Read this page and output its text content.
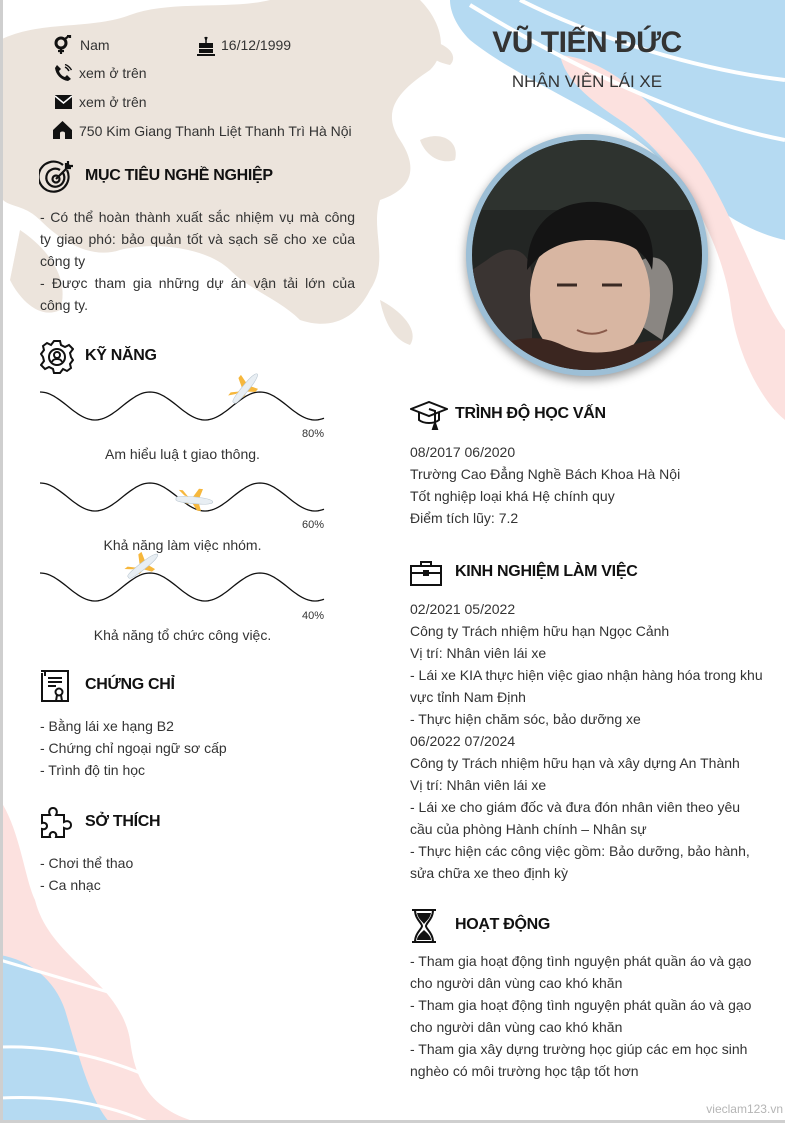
Nam	16/12/1999
xem ở trên
xem ở trên
750 Kim Giang Thanh Liệt Thanh Trì Hà Nội
MỤC TIÊU NGHỀ NGHIỆP
- Có thể hoàn thành xuất sắc nhiệm vụ mà công
ty giao phó: bảo quản tốt và sạch sẽ cho xe của
công ty
- Được tham gia những dự án vận tải lớn của
công ty.
KỸ NĂNG
80%
Am hiểu luậ t giao thông.
60%
Khả năng làm việc nhóm.
40%
Khả năng tổ chức công việc.
CHỨNG CHỈ
- Bằng lái xe hạng B2
- Chứng chỉ ngoại ngữ sơ cấp
- Trình độ tin học
SỞ THÍCH
- Chơi thể thao
- Ca nhạc
VŨ TIẾN ĐỨC
NHÂN VIÊN LÁI XE
TRÌNH ĐỘ HỌC VẤN
08/2017 06/2020
Trường Cao Đẳng Nghề Bách Khoa Hà Nội
Tốt nghiệp loại khá Hệ chính quy
Điểm tích lũy: 7.2
KINH NGHIỆM LÀM VIỆC
02/2021 05/2022
Công ty Trách nhiệm hữu hạn Ngọc Cảnh
Vị trí: Nhân viên lái xe
- Lái xe KIA thực hiện việc giao nhận hàng hóa trong khu
vực tỉnh Nam Định
- Thực hiện chăm sóc, bảo dưỡng xe
06/2022 07/2024
Công ty Trách nhiệm hữu hạn và xây dựng An Thành
Vị trí: Nhân viên lái xe
- Lái xe cho giám đốc và đưa đón nhân viên theo yêu
cầu của phòng Hành chính – Nhân sự
- Thực hiện các công việc gồm: Bảo dưỡng, bảo hành,
sửa chữa xe theo định kỳ
HOẠT ĐỘNG
- Tham gia hoạt động tình nguyện phát quần áo và gạo
cho người dân vùng cao khó khăn
- Tham gia hoạt động tình nguyện phát quần áo và gạo
cho người dân vùng cao khó khăn
- Tham gia xây dựng trường học giúp các em học sinh
nghèo có môi trường học tập tốt hơn
vieclam123.vn
